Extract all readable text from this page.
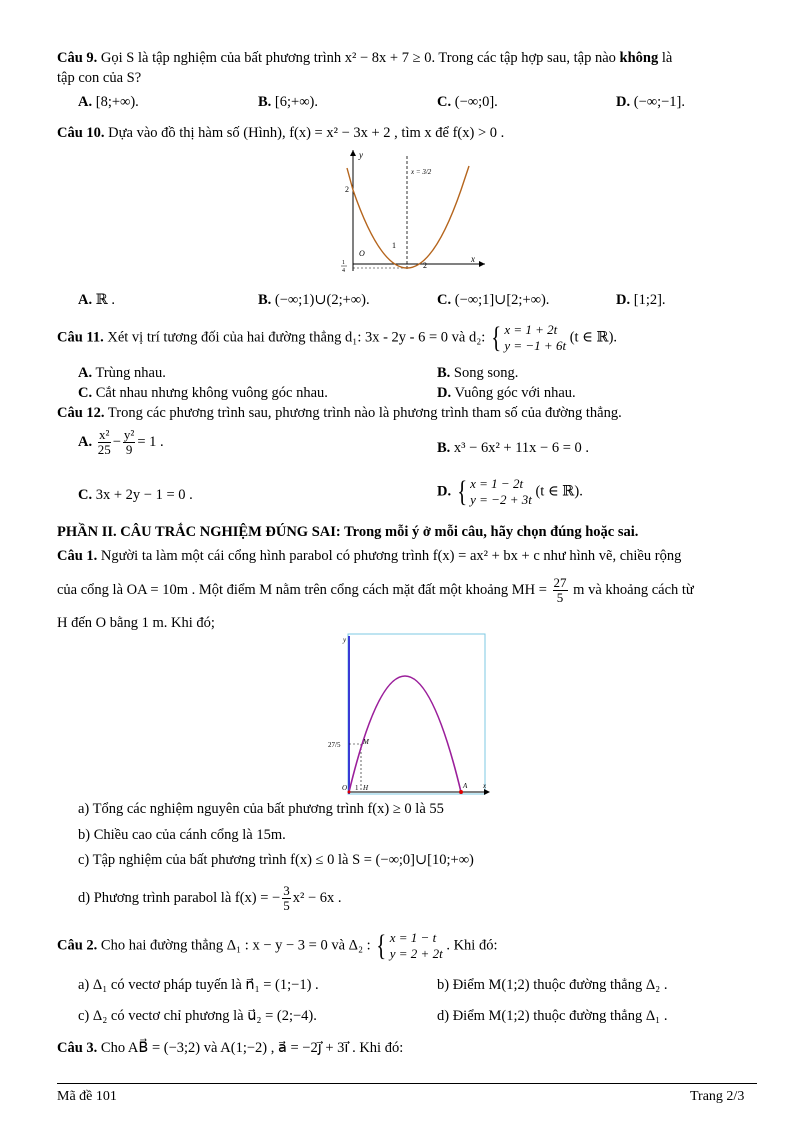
Câu 9. Gọi S là tập nghiệm của bất phương trình x² − 8x + 7 ≥ 0. Trong các tập hợp sau, tập nào không là
tập con của S?
A. [8;+∞).	B. [6;+∞).	C. (−∞;0].	D. (−∞;−1].
Câu 10. Dựa vào đồ thị hàm số (Hình), f(x) = x² − 3x + 2 , tìm x để f(x) > 0 .
y
x
O
2
1
2
1
4
x = 3/2
A. ℝ .	B. (−∞;1)∪(2;+∞).	C. (−∞;1]∪[2;+∞).	D. [1;2].
Câu 11. Xét vị trí tương đối của hai đường thẳng d₁: 3x - 2y - 6 = 0 và d₂: { x = 1 + 2t
y = −1 + 6t
(t ∈ ℝ).
A. Trùng nhau.	B. Song song.
C. Cắt nhau nhưng không vuông góc nhau.	D. Vuông góc với nhau.
Câu 12. Trong các phương trình sau, phương trình nào là phương trình tham số của đường thẳng.
A. $\frac{\text{x²}}{25} - \frac{\text{y²}}{9} = 1$ .	B. x³ − 6x² + 11x − 6 = 0 .
C. 3x + 2y − 1 = 0 .	D. { x = 1 − 2t
y = −2 + 3t
(t ∈ ℝ).
PHẦN II. CÂU TRẮC NGHIỆM ĐÚNG SAI: Trong mỗi ý ở mỗi câu, hãy chọn đúng hoặc sai.
Câu 1. Người ta làm một cái cổng hình parabol có phương trình f(x) = ax² + bx + c như hình vẽ, chiều rộng
của cổng là OA = 10m . Một điểm M nằm trên cổng cách mặt đất một khoảng MH = $\frac{27}{5}$ m và khoảng cách từ
H đến O bằng 1 m. Khi đó;
y
x
O 1 H
M
A
27/5
a) Tổng các nghiệm nguyên của bất phương trình f(x) ≥ 0 là 55
b) Chiều cao của cánh cổng là 15m.
c) Tập nghiệm của bất phương trình f(x) ≤ 0 là S = (−∞;0]∪[10;+∞)
d) Phương trình parabol là f(x) = − $\frac{3}{5} x^2 - 6x$ .
Câu 2. Cho hai đường thẳng Δ₁ : x − y − 3 = 0 và Δ₂ : { x = 1 − t
y = 2 + 2t
. Khi đó:
a) Δ₁ có vectơ pháp tuyến là n⃗₁ = (1;−1) .	b) Điểm M(1;2) thuộc đường thẳng Δ₂ .
c) Δ₂ có vectơ chỉ phương là u⃗₂ = (2;−4).	d) Điểm M(1;2) thuộc đường thẳng Δ₁ .
Câu 3. Cho AB⃗ = (−3;2) và A(1;−2) , a⃗ = −2j⃗ + 3i⃗ . Khi đó:
Mã đề 101	Trang 2/3
